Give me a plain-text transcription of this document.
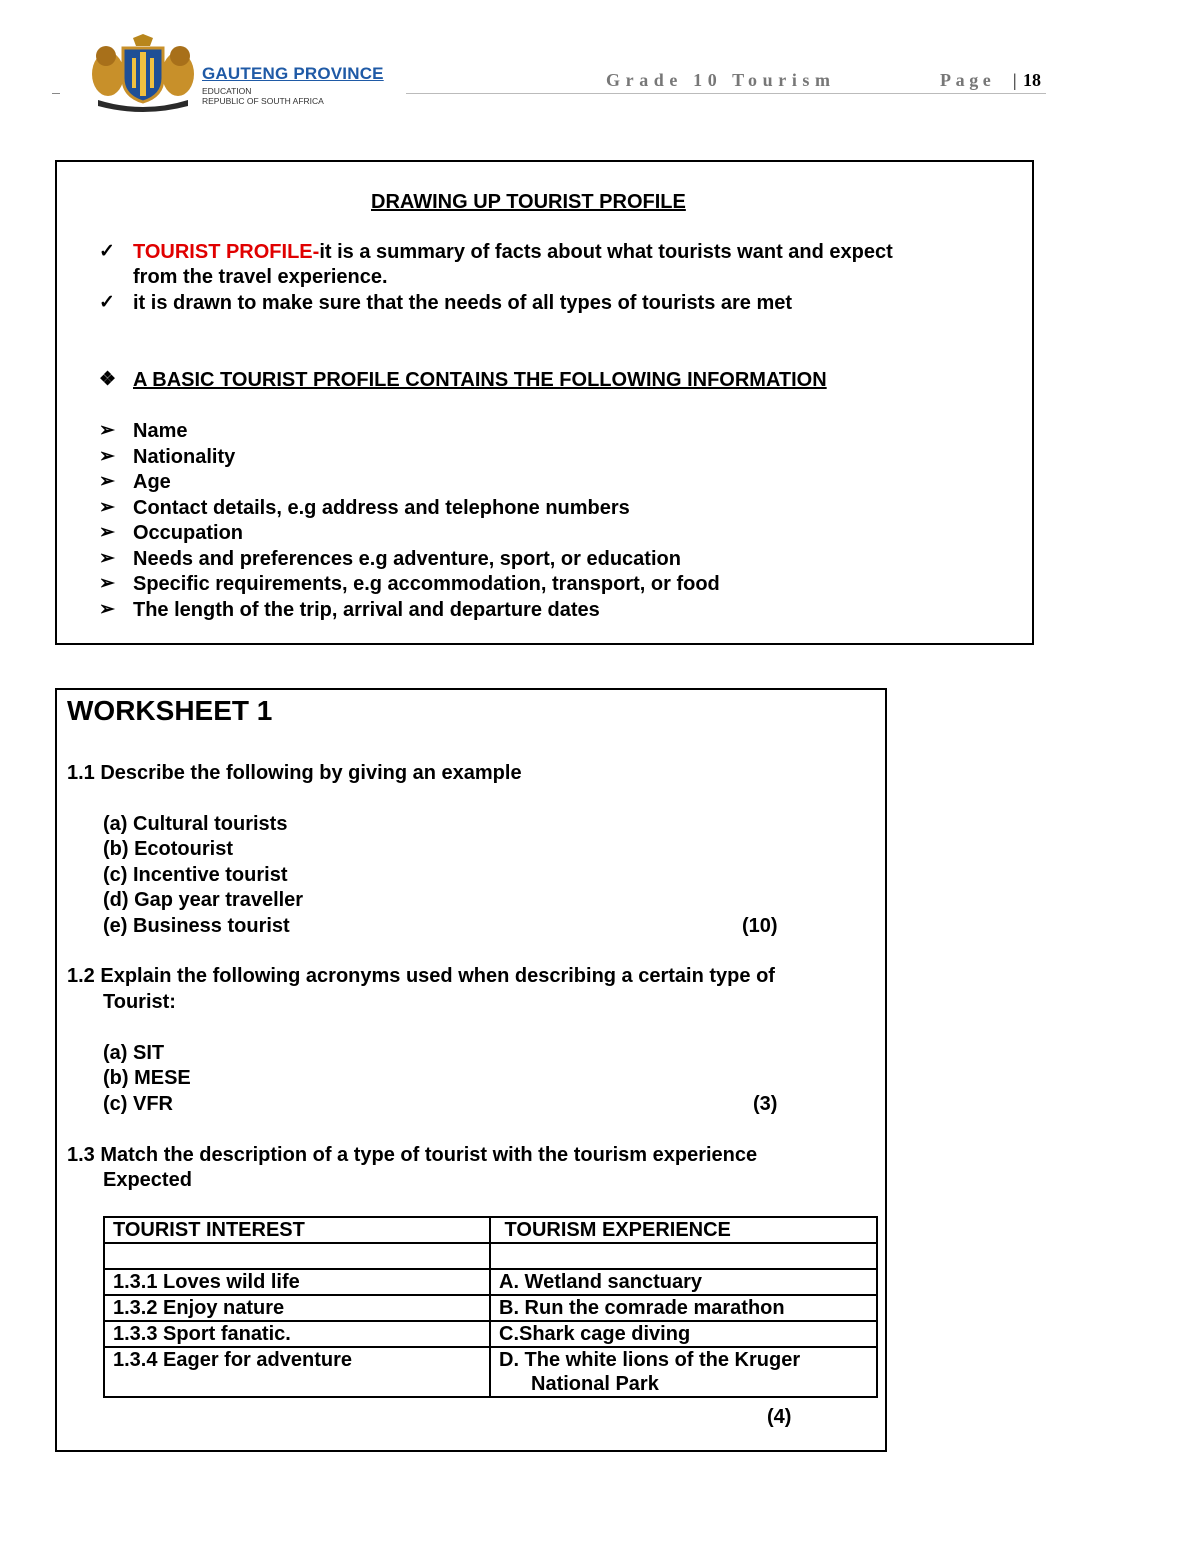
GAUTENG PROVINCE
EDUCATION
REPUBLIC OF SOUTH AFRICA
Grade 10 Tourism	Page | 18
DRAWING UP TOURIST PROFILE
✓ TOURIST PROFILE-it is a summary of facts about what tourists want and expect
from the travel experience.
✓ it is drawn to make sure that the needs of all types of tourists are met
❖ A BASIC TOURIST PROFILE CONTAINS THE FOLLOWING INFORMATION
➢ Name
➢ Nationality
➢ Age
➢ Contact details, e.g address and telephone numbers
➢ Occupation
➢ Needs and preferences e.g adventure, sport, or education
➢ Specific requirements, e.g accommodation, transport, or food
➢ The length of the trip, arrival and departure dates
WORKSHEET 1
1.1 Describe the following by giving an example
(a) Cultural tourists
(b) Ecotourist
(c) Incentive tourist
(d) Gap year traveller
(e) Business tourist	(10)
1.2 Explain the following acronyms used when describing a certain type of
Tourist:
(a) SIT
(b) MESE
(c) VFR	(3)
1.3 Match the description of a type of tourist with the tourism experience
Expected
TOURIST INTEREST	TOURISM EXPERIENCE

1.3.1 Loves wild life	A. Wetland sanctuary
1.3.2 Enjoy nature	B. Run the comrade marathon
1.3.3 Sport fanatic.	C.Shark cage diving
1.3.4 Eager for adventure	D. The white lions of the Kruger
National Park
(4)
